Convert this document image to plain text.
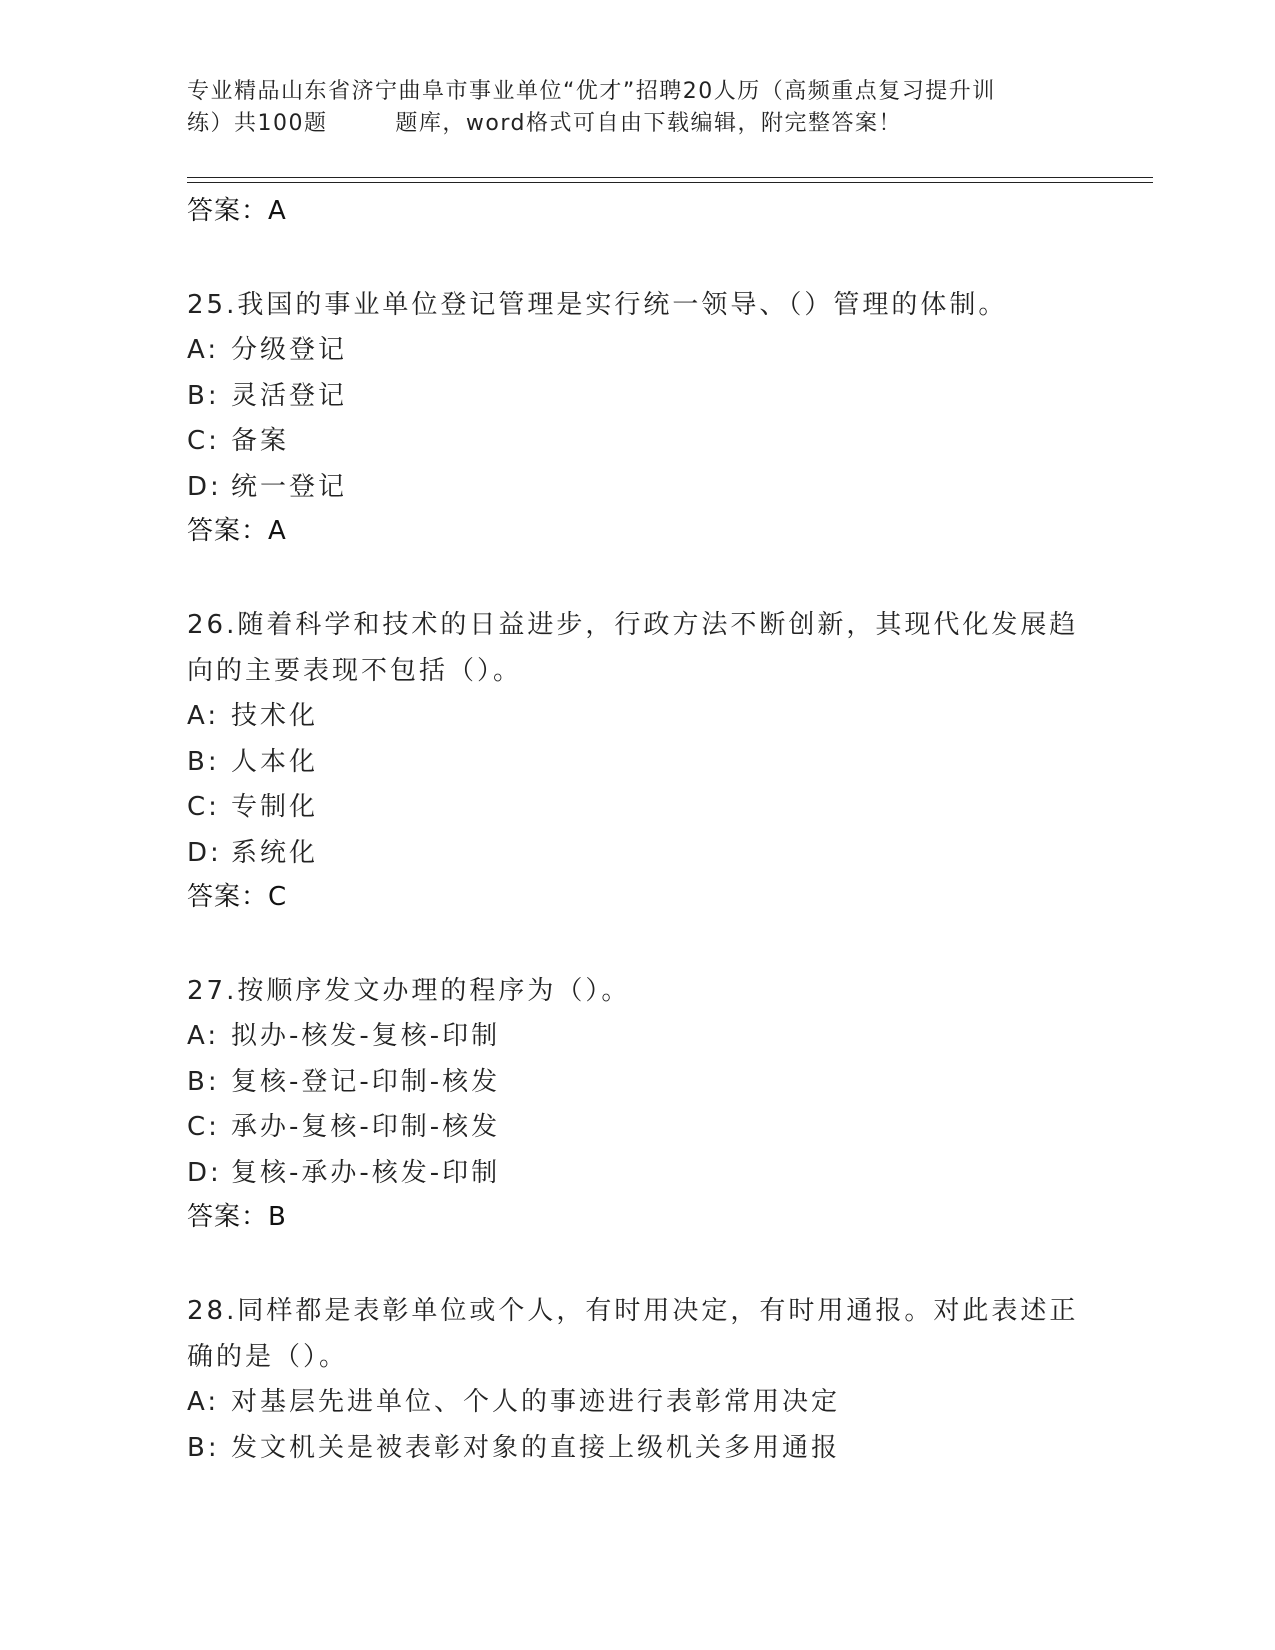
专业精品山东省济宁曲阜市事业单位“优才”招聘20人历（高频重点复习提升训
练）共100题        题库，word格式可自由下载编辑，附完整答案！
答案：A
25.我国的事业单位登记管理是实行统一领导、（）管理的体制。
A: 分级登记
B: 灵活登记
C: 备案
D: 统一登记
答案：A
26.随着科学和技术的日益进步，行政方法不断创新，其现代化发展趋
向的主要表现不包括（）。
A: 技术化
B: 人本化
C: 专制化
D: 系统化
答案：C
27.按顺序发文办理的程序为（）。
A: 拟办-核发-复核-印制
B: 复核-登记-印制-核发
C: 承办-复核-印制-核发
D: 复核-承办-核发-印制
答案：B
28.同样都是表彰单位或个人，有时用决定，有时用通报。对此表述正
确的是（）。
A: 对基层先进单位、个人的事迹进行表彰常用决定
B: 发文机关是被表彰对象的直接上级机关多用通报
